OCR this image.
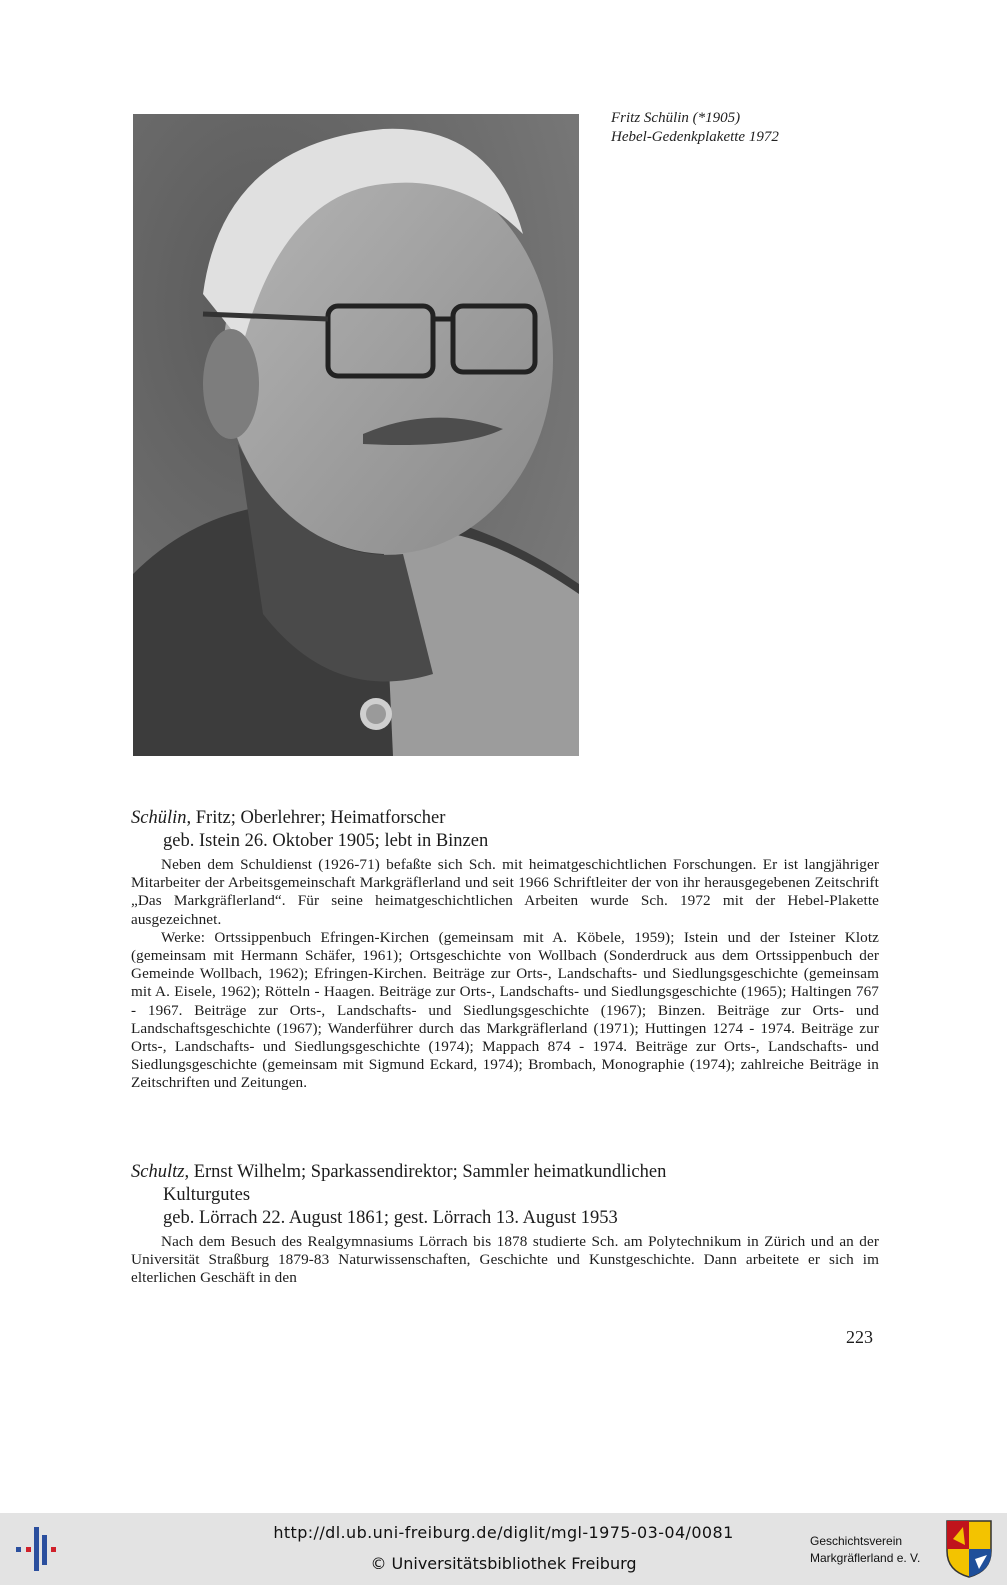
Fritz Schülin (*1905)
Hebel-Gedenkplakette 1972
Schülin, Fritz; Oberlehrer; Heimatforscher
geb. Istein 26. Oktober 1905; lebt in Binzen

Neben dem Schuldienst (1926-71) befaßte sich Sch. mit heimatgeschichtlichen Forschungen. Er ist langjähriger Mitarbeiter der Arbeitsgemeinschaft Markgräflerland und seit 1966 Schriftleiter der von ihr herausgegebenen Zeitschrift „Das Markgräflerland“. Für seine heimatgeschichtlichen Arbeiten wurde Sch. 1972 mit der Hebel-Plakette ausgezeichnet.

Werke: Ortssippenbuch Efringen-Kirchen (gemeinsam mit A. Köbele, 1959); Istein und der Isteiner Klotz (gemeinsam mit Hermann Schäfer, 1961); Ortsgeschichte von Wollbach (Sonderdruck aus dem Ortssippenbuch der Gemeinde Wollbach, 1962); Efringen-Kirchen. Beiträge zur Orts-, Landschafts- und Siedlungsgeschichte (gemeinsam mit A. Eisele, 1962); Rötteln - Haagen. Beiträge zur Orts-, Landschafts- und Siedlungsgeschichte (1965); Haltingen 767 - 1967. Beiträge zur Orts-, Landschafts- und Siedlungsgeschichte (1967); Binzen. Beiträge zur Orts- und Landschaftsgeschichte (1967); Wanderführer durch das Markgräflerland (1971); Huttingen 1274 - 1974. Beiträge zur Orts-, Landschafts- und Siedlungsgeschichte (1974); Mappach 874 - 1974. Beiträge zur Orts-, Landschafts- und Siedlungsgeschichte (gemeinsam mit Sigmund Eckard, 1974); Brombach, Monographie (1974); zahlreiche Beiträge in Zeitschriften und Zeitungen.

Schultz, Ernst Wilhelm; Sparkassendirektor; Sammler heimatkundlichen
Kulturgutes
geb. Lörrach 22. August 1861; gest. Lörrach 13. August 1953

Nach dem Besuch des Realgymnasiums Lörrach bis 1878 studierte Sch. am Polytechnikum in Zürich und an der Universität Straßburg 1879-83 Naturwissenschaften, Geschichte und Kunstgeschichte. Dann arbeitete er sich im elterlichen Geschäft in den

223
http://dl.ub.uni-freiburg.de/diglit/mgl-1975-03-04/0081
© Universitätsbibliothek Freiburg
Geschichtsverein
Markgräflerland e. V.
